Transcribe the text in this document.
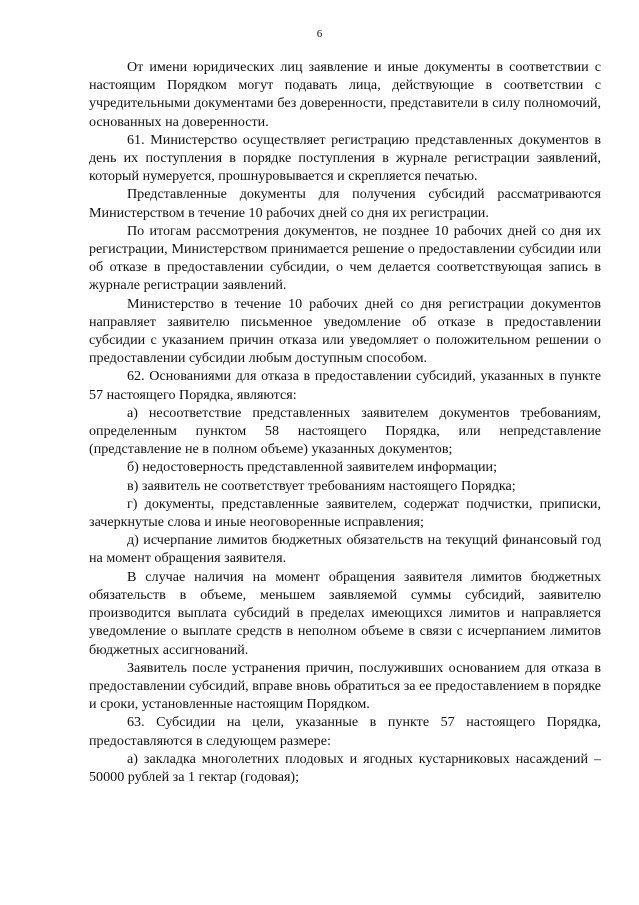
6

От имени юридических лиц заявление и иные документы в соответствии с настоящим Порядком могут подавать лица, действующие в соответствии с учредительными документами без доверенности, представители в силу полномочий, основанных на доверенности.

61. Министерство осуществляет регистрацию представленных документов в день их поступления в порядке поступления в журнале регистрации заявлений, который нумеруется, прошнуровывается и скрепляется печатью.

Представленные документы для получения субсидий рассматриваются Министерством в течение 10 рабочих дней со дня их регистрации.

По итогам рассмотрения документов, не позднее 10 рабочих дней со дня их регистрации, Министерством принимается решение о предоставлении субсидии или об отказе в предоставлении субсидии, о чем делается соответствующая запись в журнале регистрации заявлений.

Министерство в течение 10 рабочих дней со дня регистрации документов направляет заявителю письменное уведомление об отказе в предоставлении субсидии с указанием причин отказа или уведомляет о положительном решении о предоставлении субсидии любым доступным способом.

62. Основаниями для отказа в предоставлении субсидий, указанных в пункте 57 настоящего Порядка, являются:

а) несоответствие представленных заявителем документов требованиям, определенным пунктом 58 настоящего Порядка, или непредставление (представление не в полном объеме) указанных документов;

б) недостоверность представленной заявителем информации;

в) заявитель не соответствует требованиям настоящего Порядка;

г) документы, представленные заявителем, содержат подчистки, приписки, зачеркнутые слова и иные неоговоренные исправления;

д) исчерпание лимитов бюджетных обязательств на текущий финансовый год на момент обращения заявителя.

В случае наличия на момент обращения заявителя лимитов бюджетных обязательств в объеме, меньшем заявляемой суммы субсидий, заявителю производится выплата субсидий в пределах имеющихся лимитов и направляется уведомление о выплате средств в неполном объеме в связи с исчерпанием лимитов бюджетных ассигнований.

Заявитель после устранения причин, послуживших основанием для отказа в предоставлении субсидий, вправе вновь обратиться за ее предоставлением в порядке и сроки, установленные настоящим Порядком.

63. Субсидии на цели, указанные в пункте 57 настоящего Порядка, предоставляются в следующем размере:

а) закладка многолетних плодовых и ягодных кустарниковых насаждений – 50000 рублей за 1 гектар (годовая);
